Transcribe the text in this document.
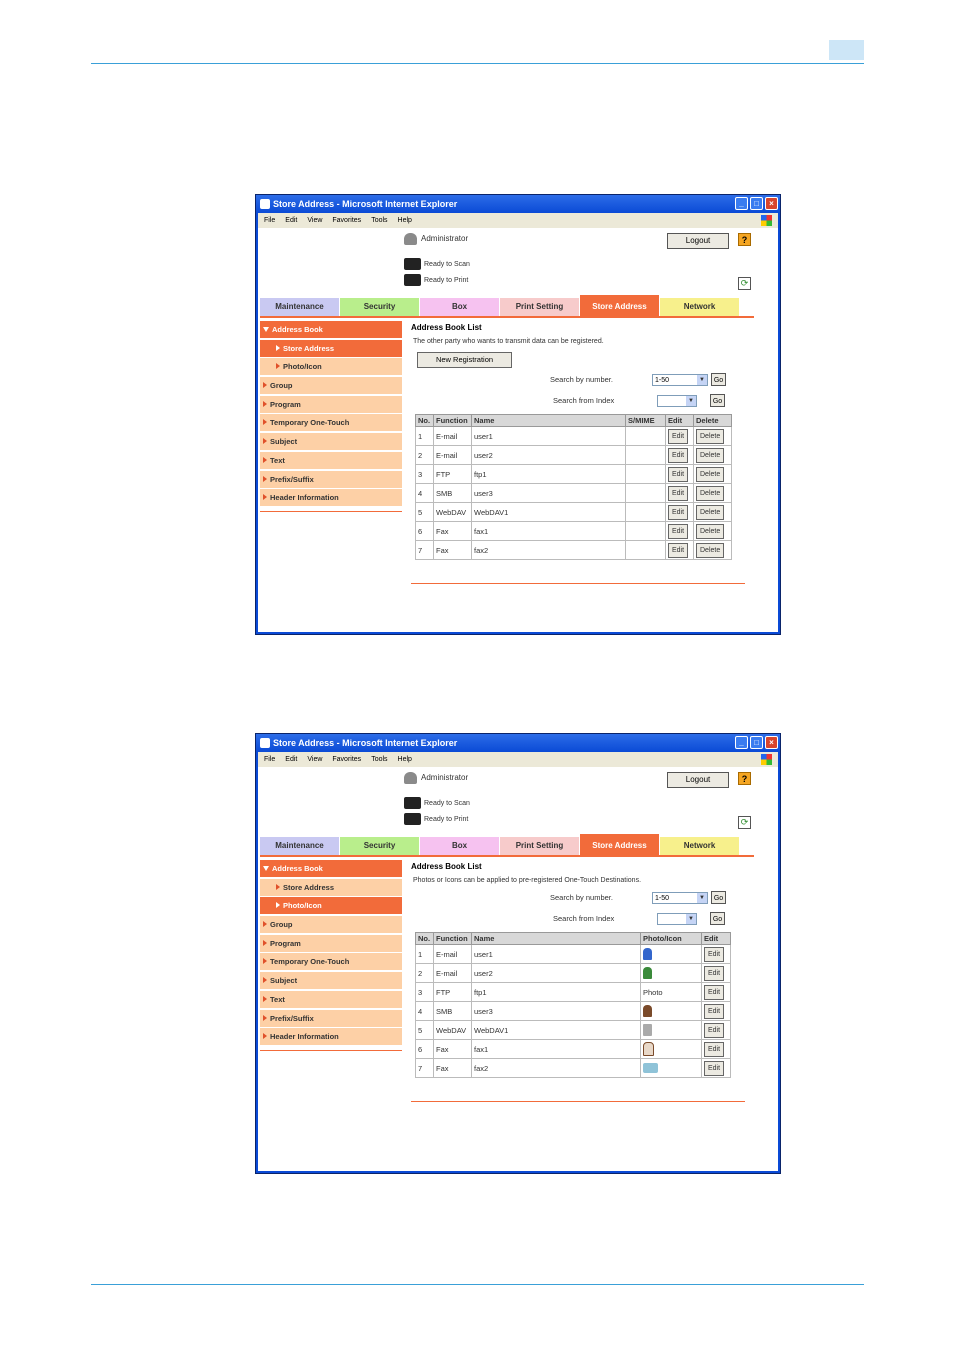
Store Address - Microsoft Internet Explorer	_	□	×
File Edit View Favorites Tools Help
Administrator	Logout	?
Ready to Scan
Ready to Print	⟳
Maintenance	Security	Box	Print Setting	Store Address	Network
Address Book
Store Address
Photo/Icon
Group
Program
Temporary One-Touch
Subject
Text
Prefix/Suffix
Header Information
Address Book List
The other party who wants to transmit data can be registered.
New Registration
Search by number.	1-50	▼	Go
Search from Index	▼	Go
No.	Function	Name	S/MIME	Edit	Delete
1	E-mail	user1		Edit	Delete
2	E-mail	user2		Edit	Delete
3	FTP	ftp1		Edit	Delete
4	SMB	user3		Edit	Delete
5	WebDAV	WebDAV1		Edit	Delete
6	Fax	fax1		Edit	Delete
7	Fax	fax2		Edit	Delete
Store Address - Microsoft Internet Explorer	_	□	×
File Edit View Favorites Tools Help
Administrator	Logout	?
Ready to Scan
Ready to Print	⟳
Maintenance	Security	Box	Print Setting	Store Address	Network
Address Book
Store Address
Photo/Icon
Group
Program
Temporary One-Touch
Subject
Text
Prefix/Suffix
Header Information
Address Book List
Photos or Icons can be applied to pre-registered One-Touch Destinations.
Search by number.	1-50	▼	Go
Search from Index	▼	Go
No.	Function	Name	Photo/Icon	Edit
1	E-mail	user1		Edit
2	E-mail	user2		Edit
3	FTP	ftp1	Photo	Edit
4	SMB	user3		Edit
5	WebDAV	WebDAV1		Edit
6	Fax	fax1		Edit
7	Fax	fax2		Edit
